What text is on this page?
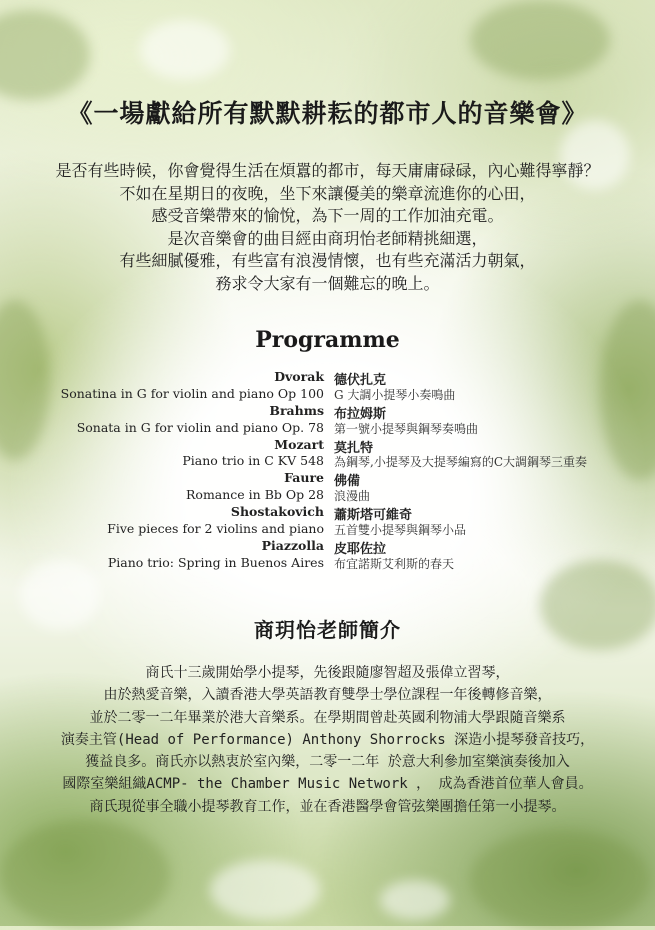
《一場獻給所有默默耕耘的都市人的音樂會》
是否有些時候，你會覺得生活在煩囂的都市，每天庸庸碌碌，內心難得寧靜？
不如在星期日的夜晚，坐下來讓優美的樂章流進你的心田，
感受音樂帶來的愉悅，為下一周的工作加油充電。
是次音樂會的曲目經由商玥怡老師精挑細選，
有些細膩優雅，有些富有浪漫情懷，也有些充滿活力朝氣，
務求令大家有一個難忘的晚上。
Programme
Dvorak 德伏扎克
Sonatina in G for violin and piano Op 100 G 大調小提琴小奏鳴曲
Brahms 布拉姆斯
Sonata in G for violin and piano Op. 78 第一號小提琴與鋼琴奏鳴曲
Mozart 莫扎特
Piano trio in C KV 548 為鋼琴,小提琴及大提琴編寫的C大調鋼琴三重奏
Faure 佛備
Romance in Bb Op 28 浪漫曲
Shostakovich 蕭斯塔可維奇
Five pieces for 2 violins and piano 五首雙小提琴與鋼琴小品
Piazzolla 皮耶佐拉
Piano trio: Spring in Buenos Aires 布宜諾斯艾利斯的春天
商玥怡老師簡介
商氏十三歲開始學小提琴，先後跟隨廖智超及張偉立習琴，
由於熱愛音樂，入讀香港大學英語教育雙學士學位課程一年後轉修音樂，
並於二零一二年畢業於港大音樂系。在學期間曾赴英國利物浦大學跟隨音樂系
演奏主管(Head of Performance) Anthony Shorrocks 深造小提琴發音技巧，
獲益良多。商氏亦以熱衷於室內樂，二零一二年 於意大利參加室樂演奏後加入
國際室樂組織ACMP- the Chamber Music Network ， 成為香港首位華人會員。
商氏現從事全職小提琴教育工作，並在香港醫學會管弦樂團擔任第一小提琴。
